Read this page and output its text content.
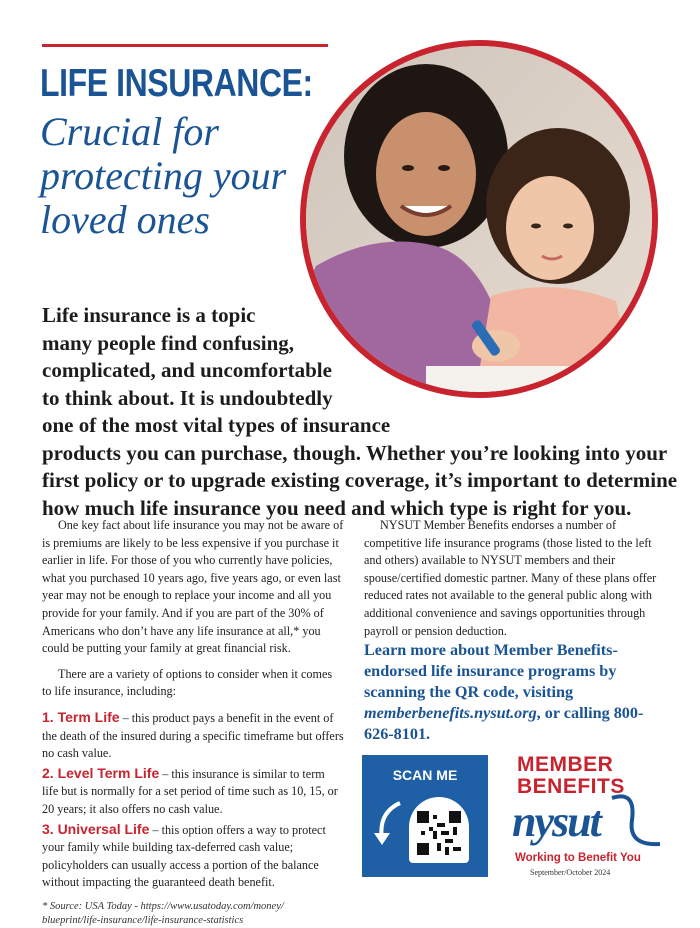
LIFE INSURANCE:
Crucial for protecting your loved ones
Life insurance is a topic
many people find confusing,
complicated, and uncomfortable
to think about. It is undoubtedly
one of the most vital types of insurance
products you can purchase, though. Whether you’re looking into your
first policy or to upgrade existing coverage, it’s important to determine
how much life insurance you need and which type is right for you.

One key fact about life insurance you may not be aware of is premiums are likely to be less expensive if you purchase it earlier in life. For those of you who currently have policies, what you purchased 10 years ago, five years ago, or even last year may not be enough to replace your income and all you provide for your family. And if you are part of the 30% of Americans who don’t have any life insurance at all,* you could be putting your family at great financial risk.

There are a variety of options to consider when it comes to life insurance, including:

1. Term Life – this product pays a benefit in the event of the death of the insured during a specific timeframe but offers no cash value.
2. Level Term Life – this insurance is similar to term life but is normally for a set period of time such as 10, 15, or 20 years; it also offers no cash value.
3. Universal Life – this option offers a way to protect your family while building tax-deferred cash value; policyholders can usually access a portion of the balance without impacting the guaranteed death benefit.
* Source: USA Today - https://www.usatoday.com/money/ blueprint/life-insurance/life-insurance-statistics

NYSUT Member Benefits endorses a number of competitive life insurance programs (those listed to the left and others) available to NYSUT members and their spouse/certified domestic partner. Many of these plans offer reduced rates not available to the general public along with additional convenience and savings opportunities through payroll or pension deduction.

Learn more about Member Benefits-endorsed life insurance programs by scanning the QR code, visiting memberbenefits.nysut.org, or calling 800-626-8101.
SCAN ME	MEMBER
BENEFITS
nysut
Working to Benefit You
September/October 2024
